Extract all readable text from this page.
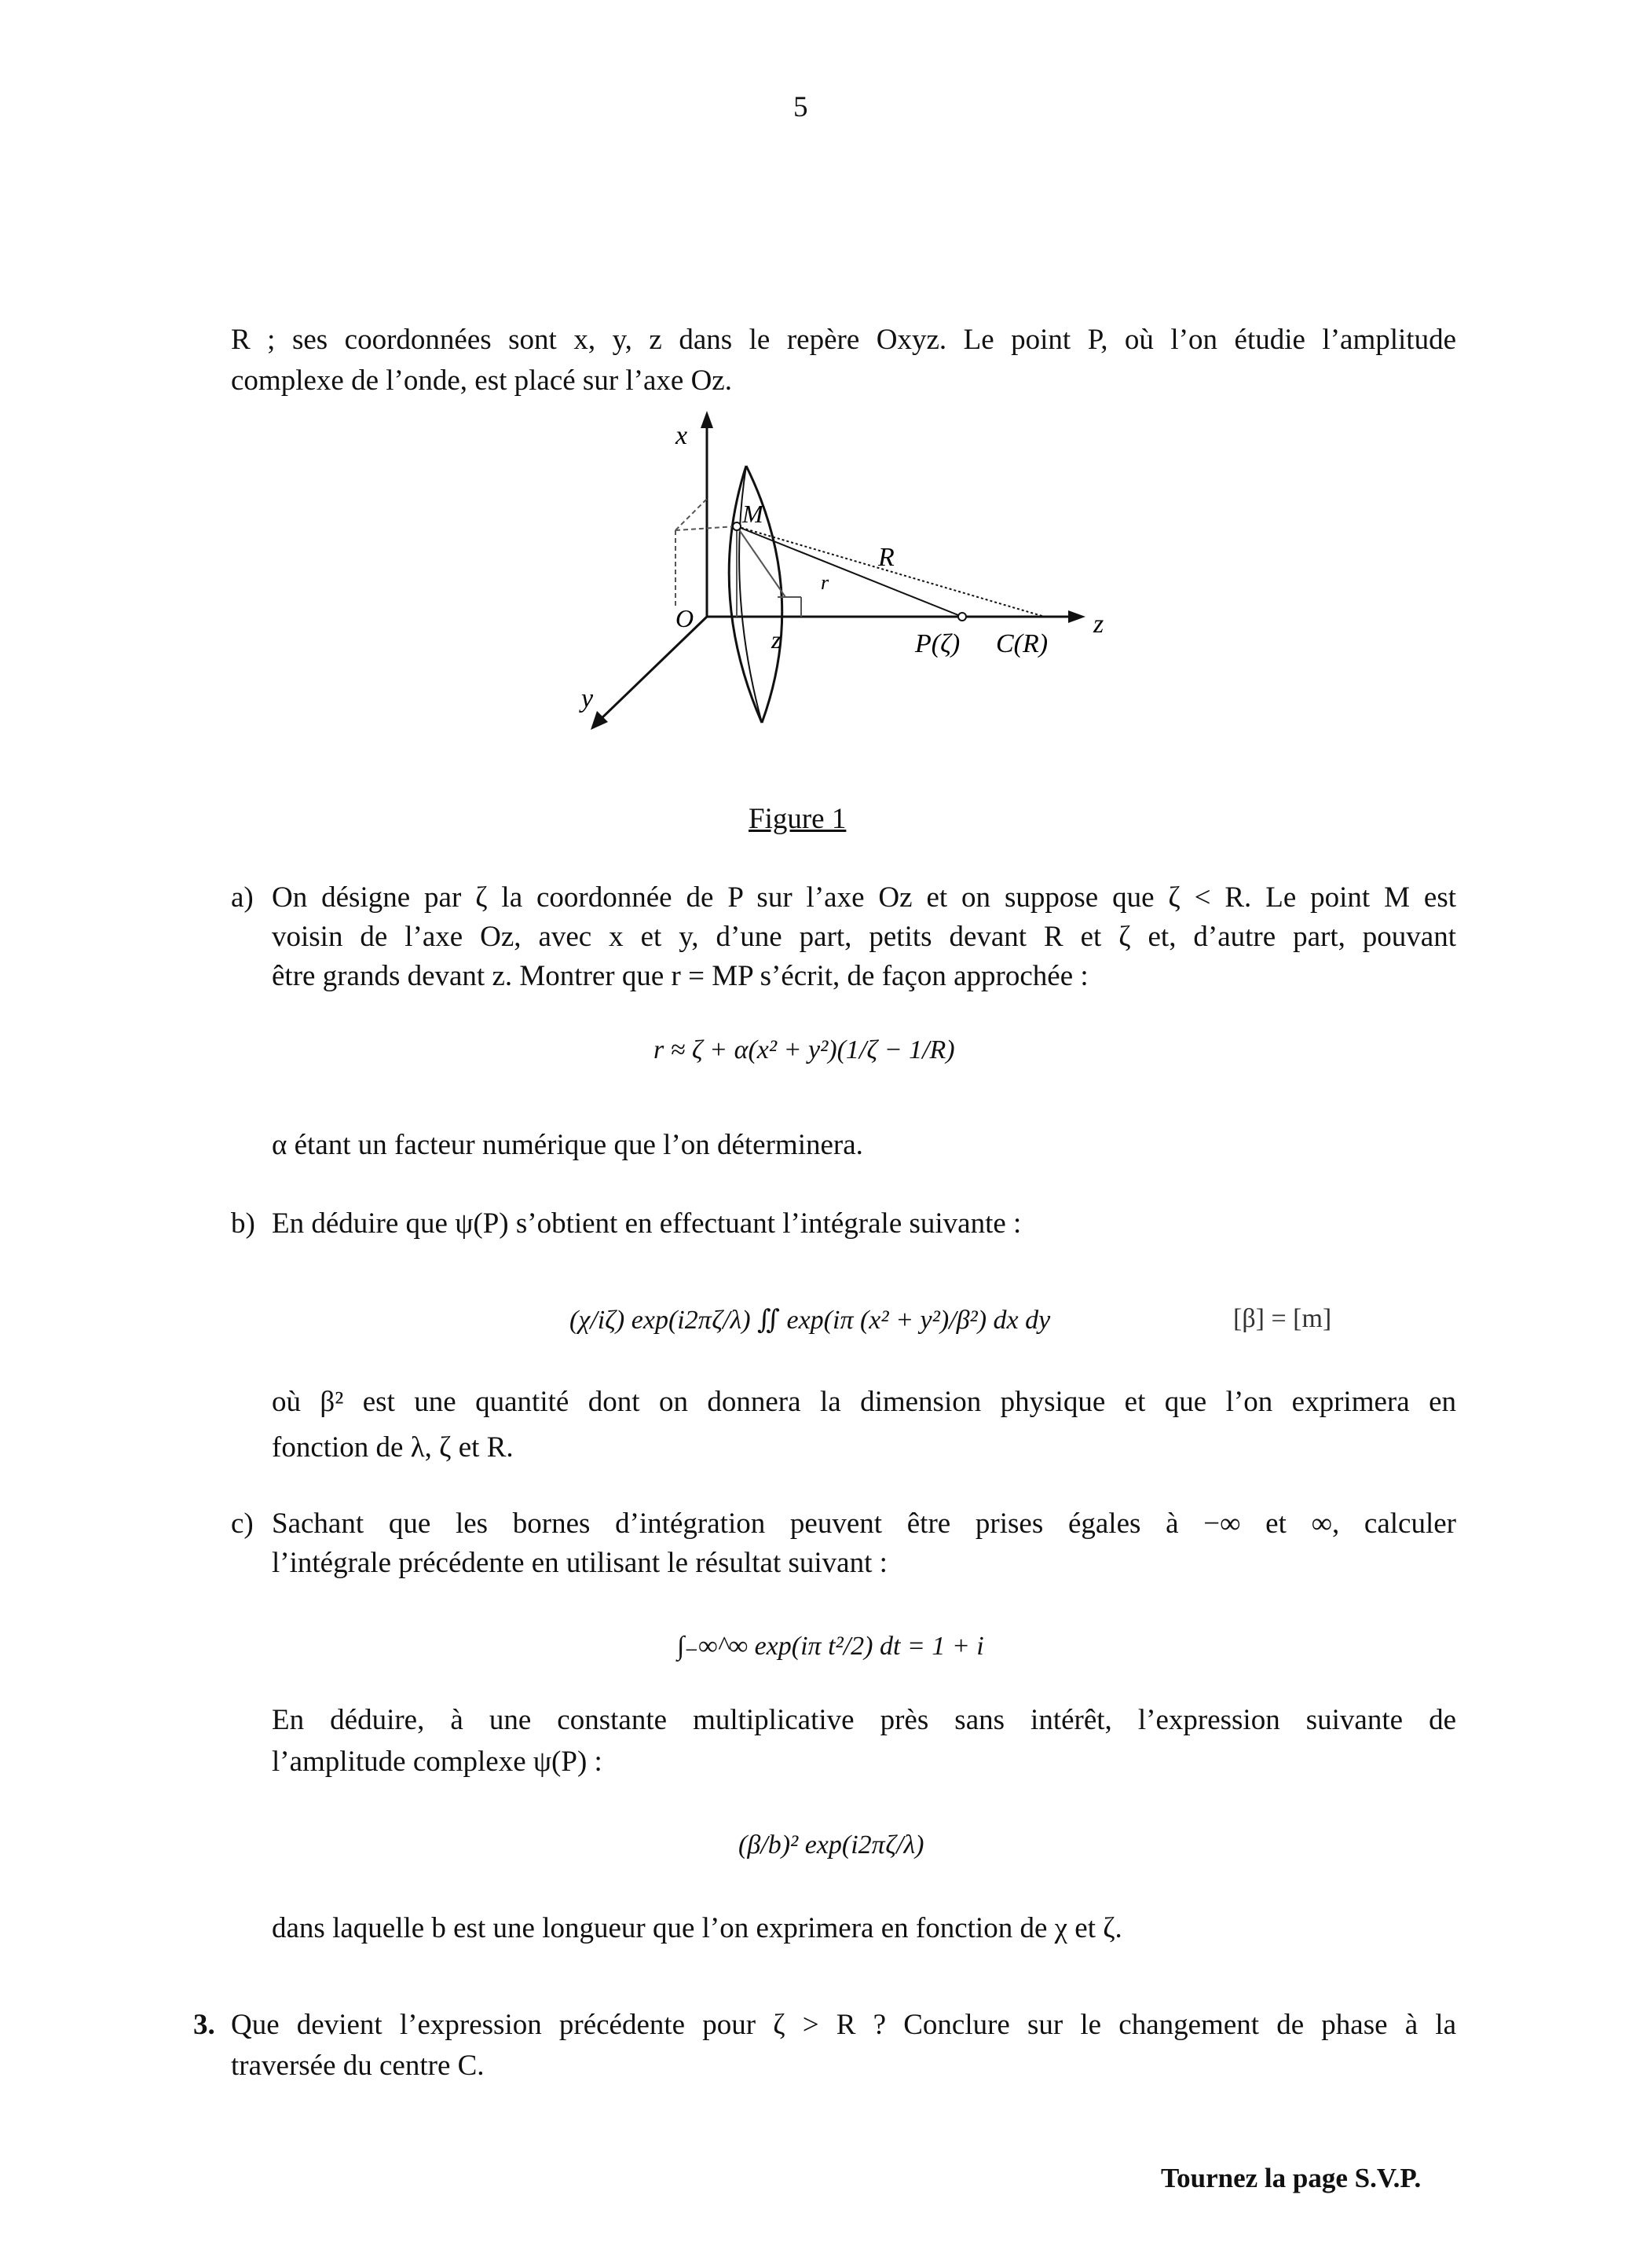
5
R ; ses coordonnées sont x, y, z dans le repère Oxyz. Le point P, où l’on étudie l’amplitude
complexe de l’onde, est placé sur l’axe Oz.
x
y
z
z
O
M
R
r
P(ζ) C(R)
Figure 1
a) On désigne par ζ la coordonnée de P sur l’axe Oz et on suppose que ζ < R. Le point M est
voisin de l’axe Oz, avec x et y, d’une part, petits devant R et ζ et, d’autre part, pouvant
être grands devant z. Montrer que r = MP s’écrit, de façon approchée :
r ≈ ζ + α(x² + y²)(1/ζ − 1/R)
α étant un facteur numérique que l’on déterminera.
b) En déduire que ψ(P) s’obtient en effectuant l’intégrale suivante :
(χ/iζ) exp(i2πζ/λ) ∬ exp(iπ (x² + y²)/β²) dx dy	[β] = [m]
où β² est une quantité dont on donnera la dimension physique et que l’on exprimera en
fonction de λ, ζ et R.
c) Sachant que les bornes d’intégration peuvent être prises égales à −∞ et ∞, calculer
l’intégrale précédente en utilisant le résultat suivant :
∫₋∞^∞ exp(iπ t²/2) dt = 1 + i
En déduire, à une constante multiplicative près sans intérêt, l’expression suivante de
l’amplitude complexe ψ(P) :
(β/b)² exp(i2πζ/λ)
dans laquelle b est une longueur que l’on exprimera en fonction de χ et ζ.
3. Que devient l’expression précédente pour ζ > R ? Conclure sur le changement de phase à la
traversée du centre C.
Tournez la page S.V.P.
